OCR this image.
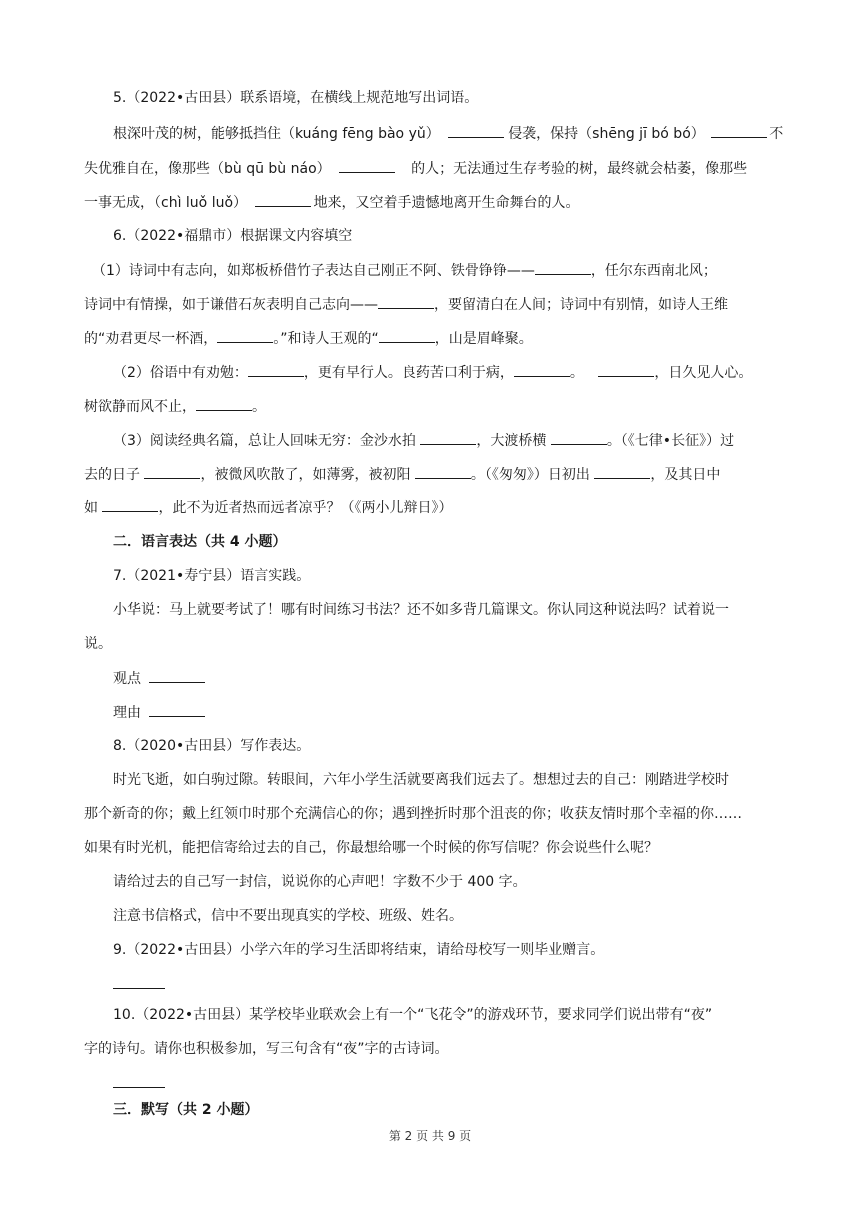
5.（2022•古田县）联系语境，在横线上规范地写出词语。
根深叶茂的树，能够抵挡住（kuáng fēng bào yǔ）	侵袭，保持（shēng jī bó bó）	不
失优雅自在，像那些（bù qū bù náo）	的人；无法通过生存考验的树，最终就会枯萎，像那些
一事无成，（chì luǒ luǒ）	地来，又空着手遗憾地离开生命舞台的人。
6.（2022•福鼎市）根据课文内容填空
（1）诗词中有志向，如郑板桥借竹子表达自己刚正不阿、铁骨铮铮——	，任尔东西南北风；
诗词中有情操，如于谦借石灰表明自己志向——	，要留清白在人间；诗词中有别情，如诗人王维
的“劝君更尽一杯酒，	。”和诗人王观的“	，山是眉峰聚。
（2）俗语中有劝勉：	，更有早行人。良药苦口利于病，	。	，日久见人心。
树欲静而风不止，	。
（3）阅读经典名篇，总让人回味无穷：金沙水拍	，大渡桥横	。（《七律•长征》）过
去的日子	，被微风吹散了，如薄雾，被初阳	。（《匆匆》）日初出	，及其日中
如	，此不为近者热而远者凉乎？（《两小儿辩日》）
二．语言表达（共 4 小题）
7.（2021•寿宁县）语言实践。
小华说：马上就要考试了！哪有时间练习书法？还不如多背几篇课文。你认同这种说法吗？试着说一
说。
观点
理由
8.（2020•古田县）写作表达。
时光飞逝，如白驹过隙。转眼间，六年小学生活就要离我们远去了。想想过去的自己：刚踏进学校时
那个新奇的你；戴上红领巾时那个充满信心的你；遇到挫折时那个沮丧的你；收获友情时那个幸福的你……
如果有时光机，能把信寄给过去的自己，你最想给哪一个时候的你写信呢？你会说些什么呢？
请给过去的自己写一封信，说说你的心声吧！字数不少于 400 字。
注意书信格式，信中不要出现真实的学校、班级、姓名。
9.（2022•古田县）小学六年的学习生活即将结束，请给母校写一则毕业赠言。
10.（2022•古田县）某学校毕业联欢会上有一个“飞花令”的游戏环节，要求同学们说出带有“夜”
字的诗句。请你也积极参加，写三句含有“夜”字的古诗词。
三．默写（共 2 小题）
第 2 页 共 9 页
